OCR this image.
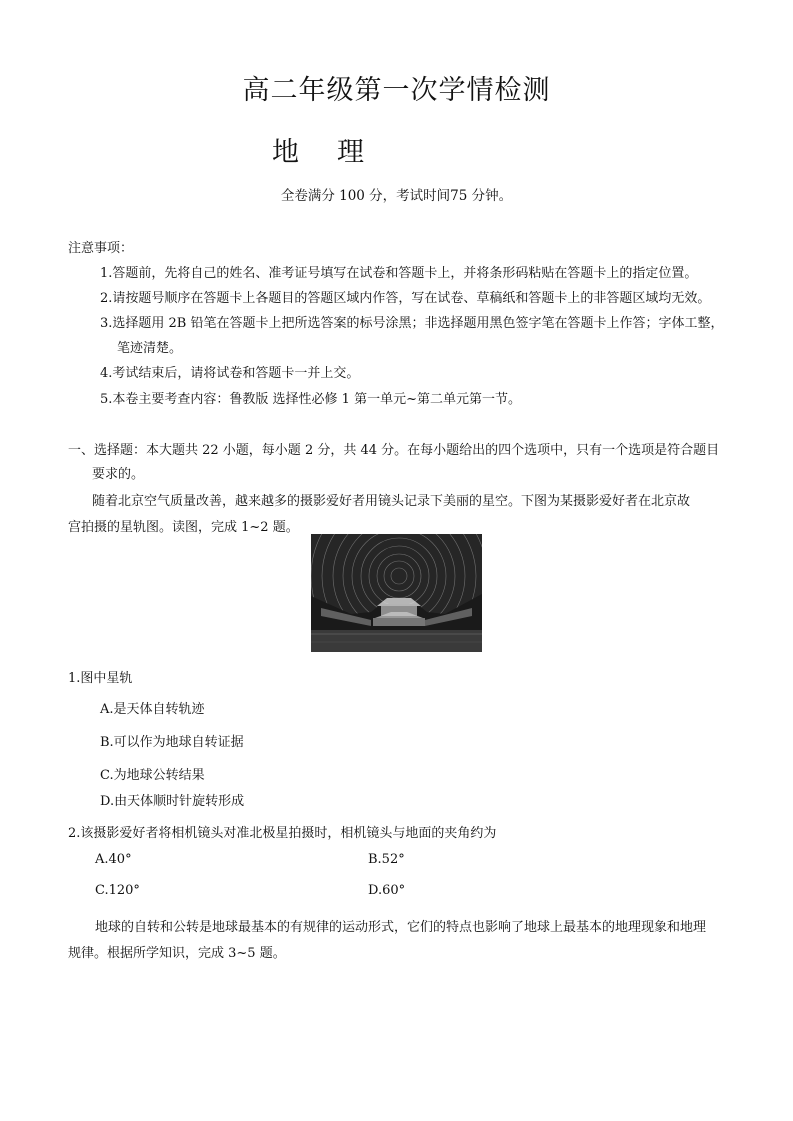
高二年级第一次学情检测
地理
全卷满分 100 分，考试时间75 分钟。
注意事项：
1.答题前，先将自己的姓名、准考证号填写在试卷和答题卡上，并将条形码粘贴在答题卡上的指定位置。
2.请按题号顺序在答题卡上各题目的答题区域内作答，写在试卷、草稿纸和答题卡上的非答题区域均无效。
3.选择题用 2B 铅笔在答题卡上把所选答案的标号涂黑；非选择题用黑色签字笔在答题卡上作答；字体工整，
笔迹清楚。
4.考试结束后，请将试卷和答题卡一并上交。
5.本卷主要考查内容：鲁教版 选择性必修 1 第一单元~第二单元第一节。
一、选择题：本大题共 22 小题，每小题 2 分，共 44 分。在每小题给出的四个选项中，只有一个选项是符合题目
要求的。
随着北京空气质量改善，越来越多的摄影爱好者用镜头记录下美丽的星空。下图为某摄影爱好者在北京故
宫拍摄的星轨图。读图，完成 1~2 题。
1.图中星轨
A.是天体自转轨迹
B.可以作为地球自转证据
C.为地球公转结果
D.由天体顺时针旋转形成
2.该摄影爱好者将相机镜头对准北极星拍摄时，相机镜头与地面的夹角约为
A.40°	B.52°
C.120°	D.60°
地球的自转和公转是地球最基本的有规律的运动形式，它们的特点也影响了地球上最基本的地理现象和地理
规律。根据所学知识，完成 3~5 题。
